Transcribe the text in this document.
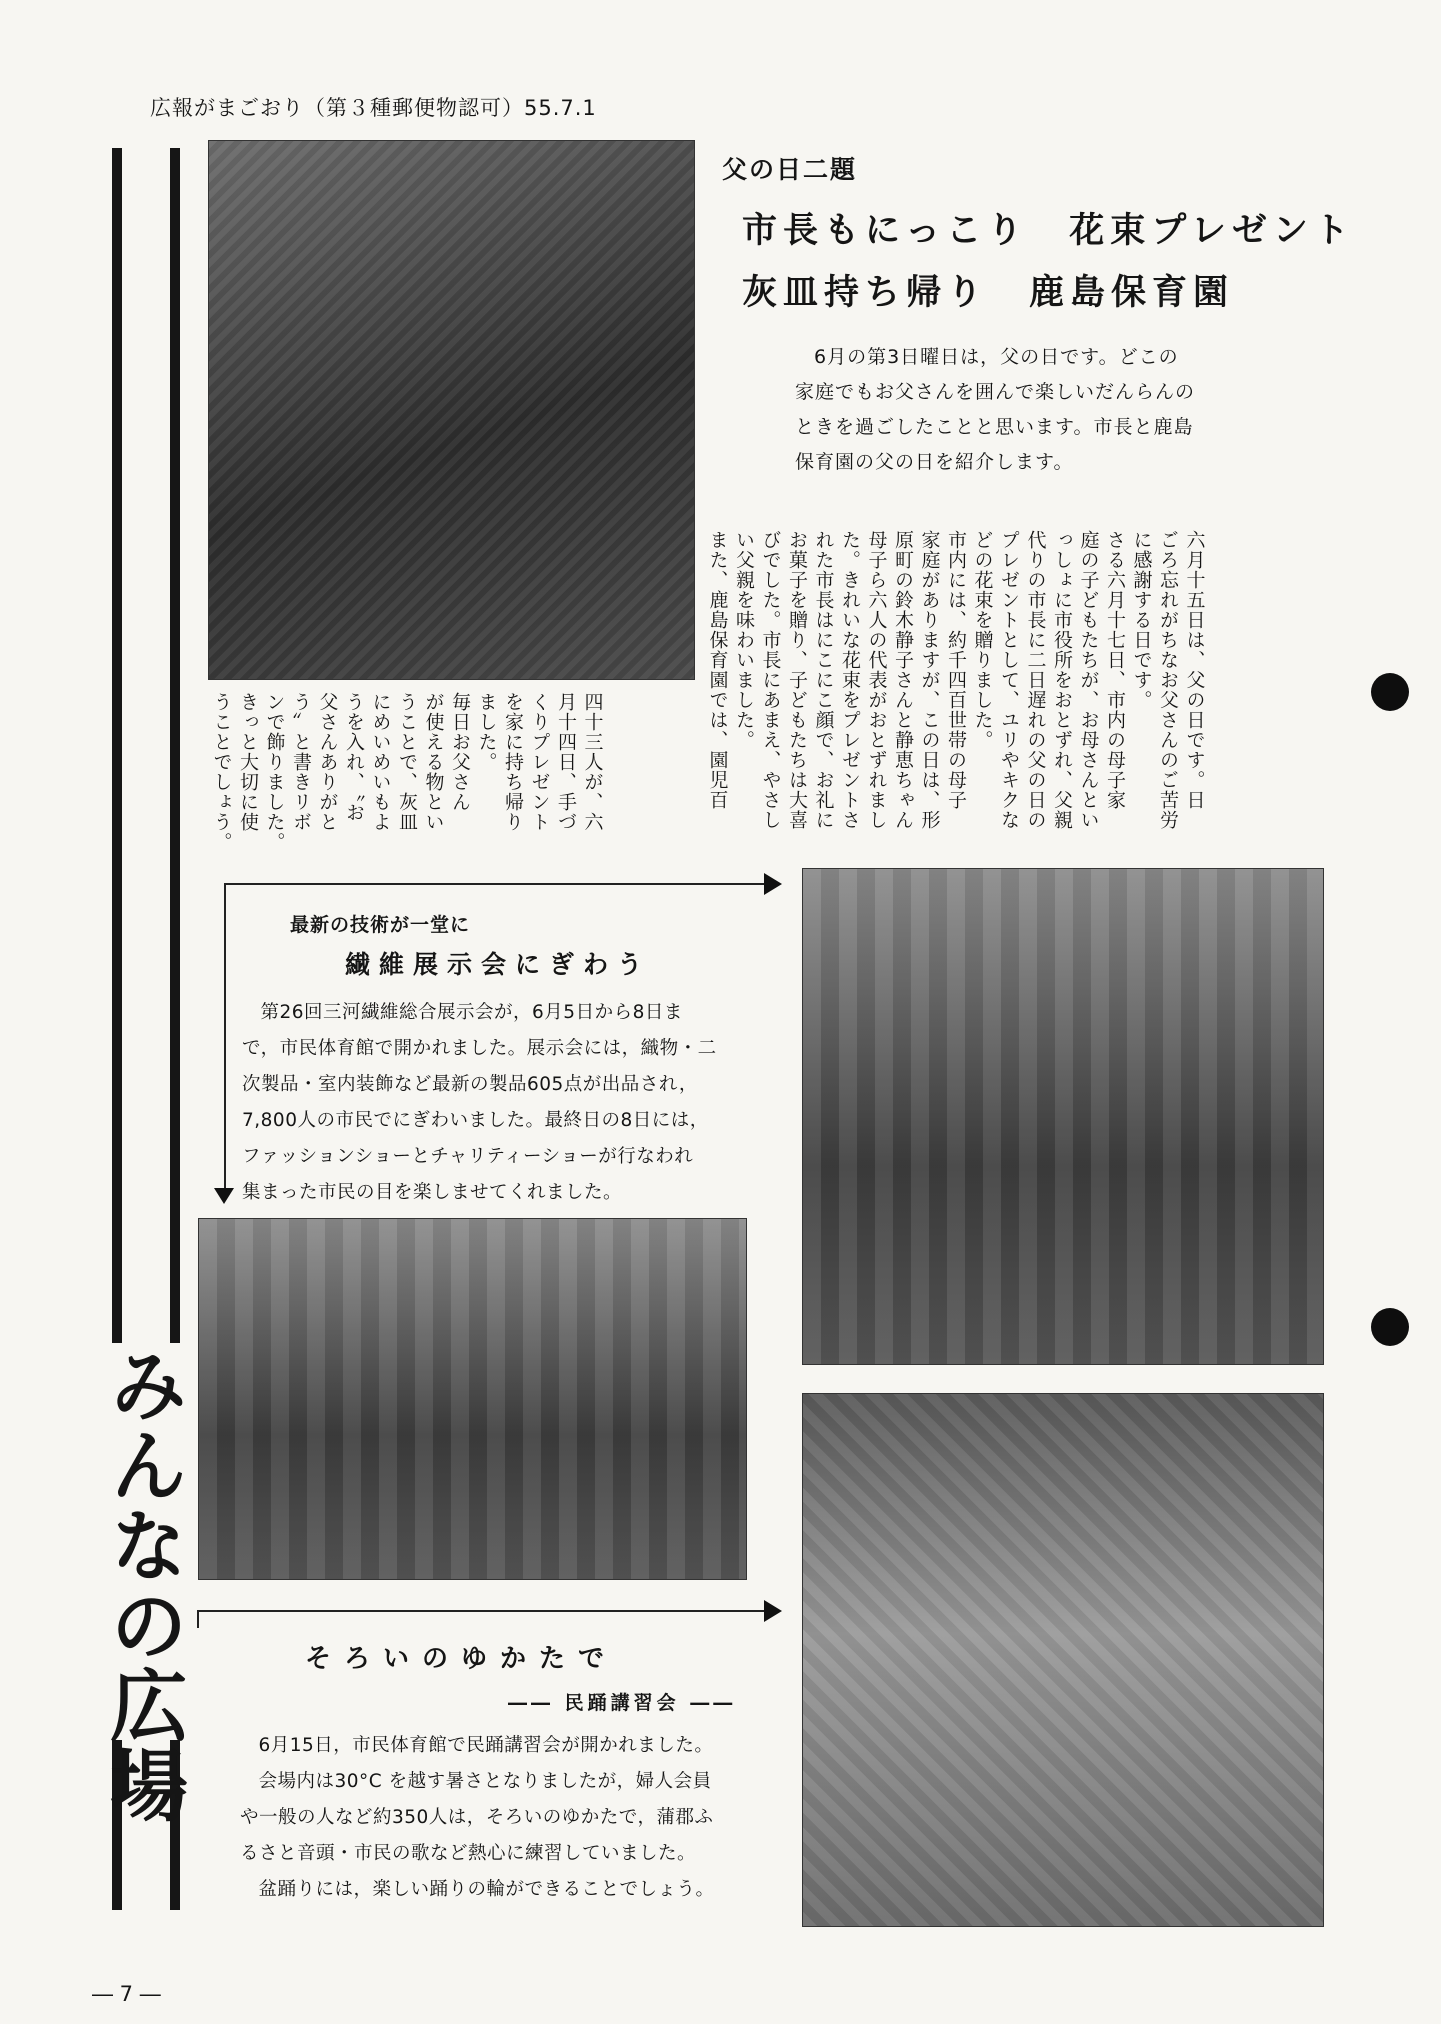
広報がまごおり（第３種郵便物認可）55.7.1
みんなの広場
父の日二題
市長もにっこり　花束プレゼント
灰皿持ち帰り　鹿島保育園
6月の第3日曜日は，父の日です。どこの
家庭でもお父さんを囲んで楽しいだんらんの
ときを過ごしたことと思います。市長と鹿島
保育園の父の日を紹介します。
六月十五日は、父の日です。日
ごろ忘れがちなお父さんのご苦労
に感謝する日です。
さる六月十七日、市内の母子家
庭の子どもたちが、お母さんとい
っしょに市役所をおとずれ、父親
代りの市長に二日遅れの父の日の
プレゼントとして、ユリやキクな
どの花束を贈りました。
市内には、約千四百世帯の母子
家庭がありますが、この日は、形
原町の鈴木静子さんと静恵ちゃん
母子ら六人の代表がおとずれまし
た。きれいな花束をプレゼントさ
れた市長はにこにこ顔で、お礼に
お菓子を贈り、子どもたちは大喜
びでした。市長にあまえ、やさし
い父親を味わいました。
また、鹿島保育園では、園児百
四十三人が、六
月十四日、手づ
くりプレゼント
を家に持ち帰り
ました。
毎日お父さん
が使える物とい
うことで、灰皿
にめいめいもよ
うを入れ、〝お
父さんありがと
う〟と書きリボ
ンで飾りました。
きっと大切に使
うことでしょう。
最新の技術が一堂に
繊維展示会にぎわう

第26回三河繊維総合展示会が，6月5日から8日ま

で，市民体育館で開かれました。展示会には，織物・二

次製品・室内装飾など最新の製品605点が出品され，

7,800人の市民でにぎわいました。最終日の8日には，

ファッションショーとチャリティーショーが行なわれ

集まった市民の目を楽しませてくれました。

そろいのゆかたで
―― 民踊講習会 ――

6月15日，市民体育館で民踊講習会が開かれました。

会場内は30°C を越す暑さとなりましたが，婦人会員

や一般の人など約350人は，そろいのゆかたで，蒲郡ふ

るさと音頭・市民の歌など熱心に練習していました。

盆踊りには，楽しい踊りの輪ができることでしょう。

― 7 ―
